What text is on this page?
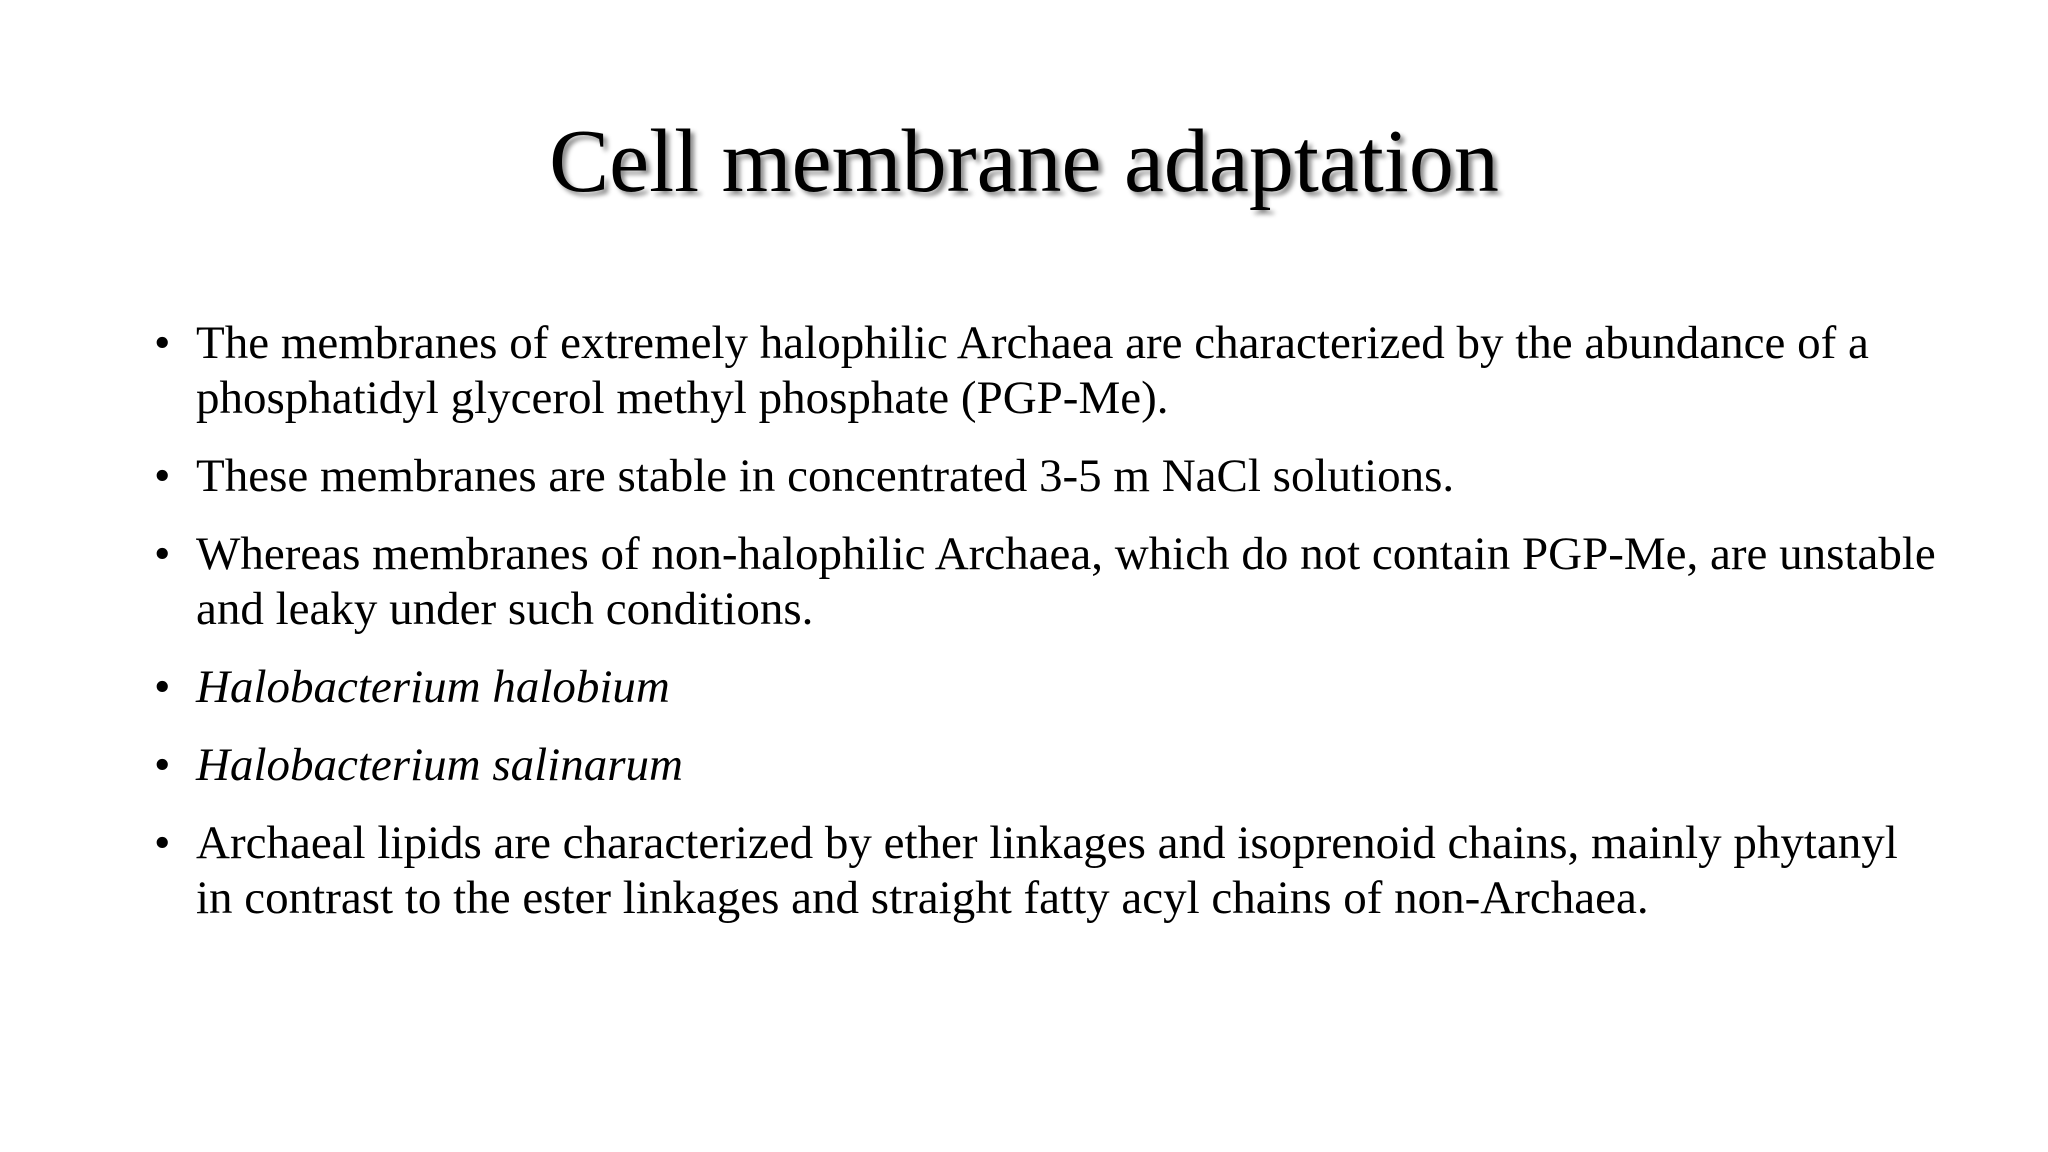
Cell membrane adaptation
• The membranes of extremely halophilic Archaea are characterized by the abundance of a phosphatidyl glycerol methyl phosphate (PGP-Me).
• These membranes are stable in concentrated 3-5 m NaCl solutions.
• Whereas membranes of non-halophilic Archaea, which do not contain PGP-Me, are unstable and leaky under such conditions.
• Halobacterium halobium
• Halobacterium salinarum
• Archaeal lipids are characterized by ether linkages and isoprenoid chains, mainly phytanyl in contrast to the ester linkages and straight fatty acyl chains of non-Archaea.
